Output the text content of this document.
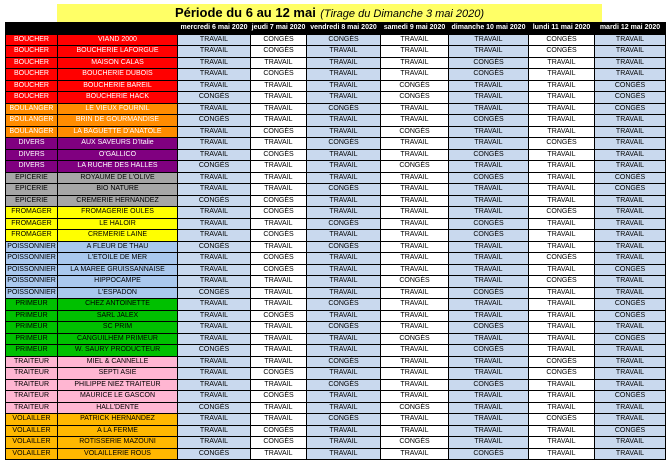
Période du 6 au 12 mai (Tirage du Dimanche 3 mai 2020)
		mercredi 6 mai 2020	jeudi 7 mai 2020	vendredi 8 mai 2020	samedi 9 mai 2020	dimanche 10 mai 2020	lundi 11 mai 2020	mardi 12 mai 2020
BOUCHER	VIAND 2000	TRAVAIL	CONGÉS	CONGÉS	TRAVAIL	TRAVAIL	CONGÉS	TRAVAIL
BOUCHER	BOUCHERIE LAFORGUE	TRAVAIL	CONGÉS	TRAVAIL	TRAVAIL	TRAVAIL	CONGÉS	TRAVAIL
BOUCHER	MAISON CALAS	TRAVAIL	TRAVAIL	TRAVAIL	TRAVAIL	CONGÉS	TRAVAIL	TRAVAIL
BOUCHER	BOUCHERIE DUBOIS	TRAVAIL	CONGÉS	TRAVAIL	TRAVAIL	CONGÉS	TRAVAIL	TRAVAIL
BOUCHER	BOUCHERIE BAREIL	TRAVAIL	TRAVAIL	TRAVAIL	CONGÉS	TRAVAIL	TRAVAIL	CONGÉS
BOUCHER	BOUCHERIE HACK	CONGÉS	TRAVAIL	TRAVAIL	CONGÉS	TRAVAIL	TRAVAIL	CONGÉS
BOULANGER	LE VIEUX FOURNIL	TRAVAIL	TRAVAIL	CONGÉS	TRAVAIL	TRAVAIL	TRAVAIL	CONGÉS
BOULANGER	BRIN DE GOURMANDISE	CONGÉS	TRAVAIL	TRAVAIL	TRAVAIL	CONGÉS	TRAVAIL	TRAVAIL
BOULANGER	LA BAGUETTE D'ANATOLE	TRAVAIL	CONGÉS	TRAVAIL	CONGÉS	TRAVAIL	TRAVAIL	TRAVAIL
DIVERS	AUX SAVEURS D'Italie	TRAVAIL	TRAVAIL	CONGÉS	TRAVAIL	TRAVAIL	CONGÉS	TRAVAIL
DIVERS	O'GALLICO	TRAVAIL	CONGÉS	TRAVAIL	TRAVAIL	CONGÉS	TRAVAIL	TRAVAIL
DIVERS	LA RUCHE DES HALLES	CONGÉS	TRAVAIL	TRAVAIL	CONGÉS	TRAVAIL	TRAVAIL	TRAVAIL
EPICERIE	ROYAUME DE L'OLIVE	TRAVAIL	TRAVAIL	TRAVAIL	TRAVAIL	CONGÉS	TRAVAIL	CONGÉS
EPICERIE	BIO NATURE	TRAVAIL	TRAVAIL	CONGÉS	TRAVAIL	TRAVAIL	TRAVAIL	CONGÉS
EPICERIE	CREMERIE HERNANDEZ	CONGÉS	CONGÉS	TRAVAIL	TRAVAIL	TRAVAIL	TRAVAIL	TRAVAIL
FROMAGER	FROMAGERIE OULES	TRAVAIL	CONGÉS	TRAVAIL	TRAVAIL	TRAVAIL	CONGÉS	TRAVAIL
FROMAGER	LE HALOIR	TRAVAIL	TRAVAIL	CONGÉS	TRAVAIL	CONGÉS	TRAVAIL	TRAVAIL
FROMAGER	CREMERIE LAINE	TRAVAIL	CONGÉS	TRAVAIL	TRAVAIL	CONGÉS	TRAVAIL	TRAVAIL
POISSONNIER	A FLEUR DE THAU	CONGÉS	TRAVAIL	CONGÉS	TRAVAIL	TRAVAIL	TRAVAIL	TRAVAIL
POISSONNIER	L'ETOILE DE MER	TRAVAIL	CONGÉS	TRAVAIL	TRAVAIL	TRAVAIL	CONGÉS	TRAVAIL
POISSONNIER	LA MAREE GRUISSANNAISE	TRAVAIL	CONGÉS	TRAVAIL	TRAVAIL	TRAVAIL	TRAVAIL	CONGÉS
POISSONNIER	HIPPOCAMPE	TRAVAIL	TRAVAIL	TRAVAIL	CONGÉS	TRAVAIL	CONGÉS	TRAVAIL
POISSONNIER	L'ESPADON	CONGÉS	TRAVAIL	TRAVAIL	TRAVAIL	CONGÉS	TRAVAIL	TRAVAIL
PRIMEUR	CHEZ ANTOINETTE	TRAVAIL	TRAVAIL	CONGÉS	TRAVAIL	TRAVAIL	TRAVAIL	CONGÉS
PRIMEUR	SARL JALEX	TRAVAIL	CONGÉS	TRAVAIL	TRAVAIL	TRAVAIL	TRAVAIL	CONGÉS
PRIMEUR	SC PRIM	TRAVAIL	TRAVAIL	CONGÉS	TRAVAIL	CONGÉS	TRAVAIL	TRAVAIL
PRIMEUR	CANGUILHEM PRIMEUR	TRAVAIL	TRAVAIL	TRAVAIL	CONGÉS	TRAVAIL	TRAVAIL	CONGÉS
PRIMEUR	W. SAURY PRODUCTEUR	CONGÉS	TRAVAIL	TRAVAIL	TRAVAIL	CONGÉS	TRAVAIL	TRAVAIL
TRAITEUR	MIEL & CANNELLE	TRAVAIL	TRAVAIL	CONGÉS	TRAVAIL	TRAVAIL	CONGÉS	TRAVAIL
TRAITEUR	SEPTI ASIE	TRAVAIL	CONGÉS	TRAVAIL	TRAVAIL	TRAVAIL	CONGÉS	TRAVAIL
TRAITEUR	PHILIPPE NIEZ TRAITEUR	TRAVAIL	TRAVAIL	CONGÉS	TRAVAIL	CONGÉS	TRAVAIL	TRAVAIL
TRAITEUR	MAURICE LE GASCON	TRAVAIL	CONGÉS	TRAVAIL	TRAVAIL	TRAVAIL	TRAVAIL	CONGÉS
TRAITEUR	HALL'DENTE	CONGÉS	TRAVAIL	TRAVAIL	CONGÉS	TRAVAIL	TRAVAIL	TRAVAIL
VOLAILLER	PATRICK HERNANDEZ	TRAVAIL	TRAVAIL	CONGÉS	TRAVAIL	TRAVAIL	CONGÉS	TRAVAIL
VOLAILLER	A LA FERME	TRAVAIL	CONGÉS	TRAVAIL	TRAVAIL	TRAVAIL	TRAVAIL	CONGÉS
VOLAILLER	ROTISSERIE MAZOUNI	TRAVAIL	CONGÉS	TRAVAIL	CONGÉS	TRAVAIL	TRAVAIL	TRAVAIL
VOLAILLER	VOLAILLERIE ROUS	CONGÉS	TRAVAIL	TRAVAIL	TRAVAIL	CONGÉS	TRAVAIL	TRAVAIL
